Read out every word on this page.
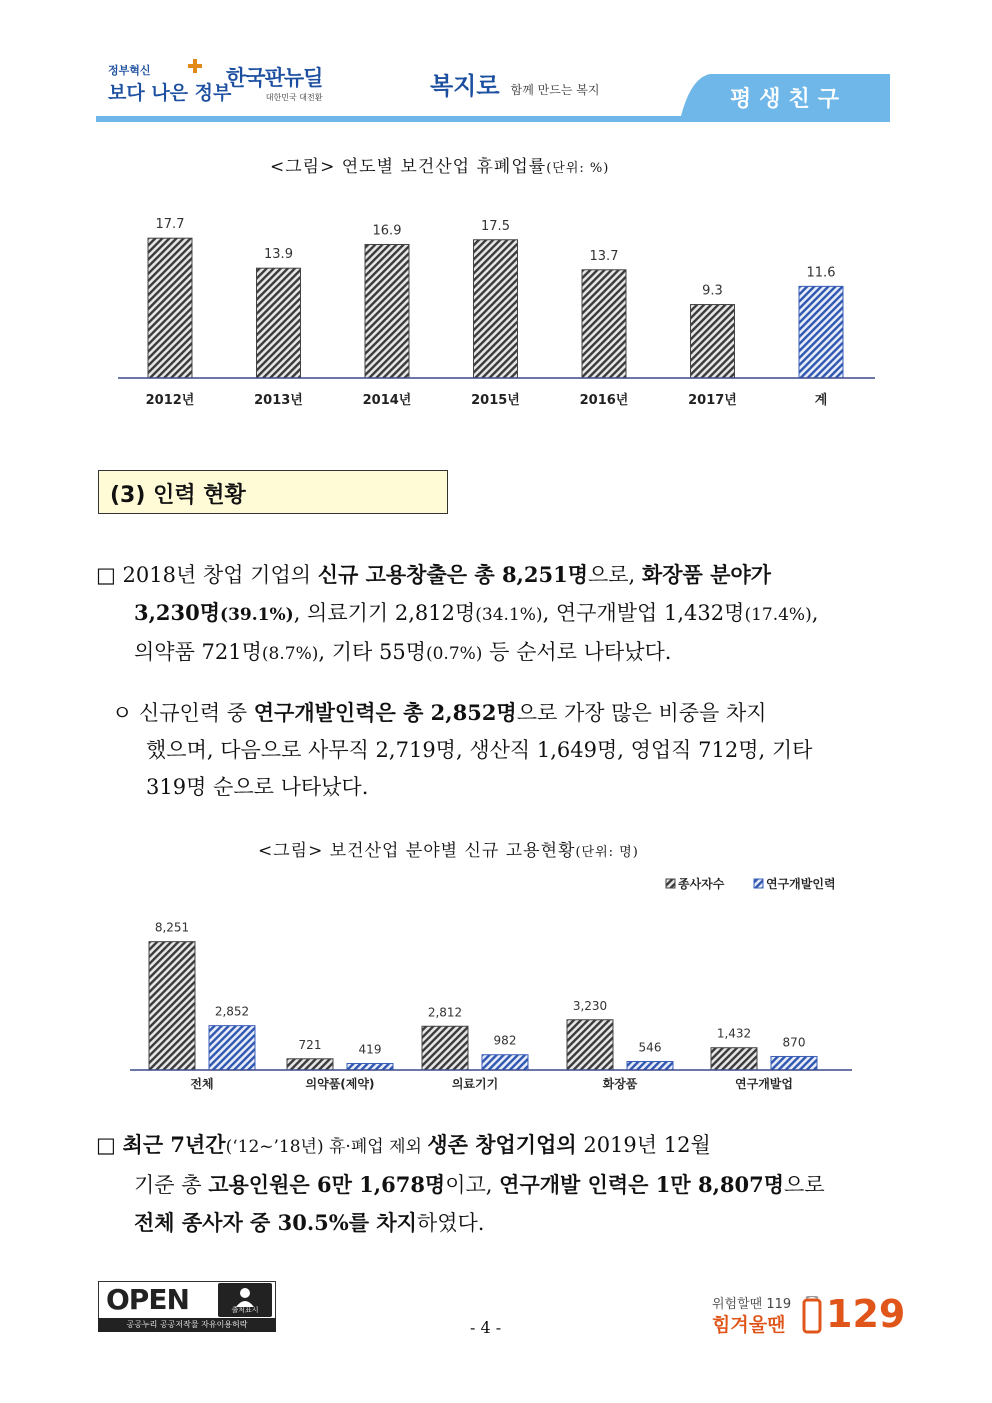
정부혁신
보다 나은 정부
한국판뉴딜
대한민국 대전환	복지로 함께 만드는 복지	평생친구
<그림> 연도별 보건산업 휴폐업률(단위: %)
17.7
2012년
13.9
2013년
16.9
2014년
17.5
2015년
13.7
2016년
9.3
2017년
11.6
계
(3) 인력 현황
□ 2018년 창업 기업의 신규 고용창출은 총 8,251명으로, 화장품 분야가
3,230명(39.1%), 의료기기 2,812명(34.1%), 연구개발업 1,432명(17.4%),
의약품 721명(8.7%), 기타 55명(0.7%) 등 순서로 나타났다.
ㅇ 신규인력 중 연구개발인력은 총 2,852명으로 가장 많은 비중을 차지
했으며, 다음으로 사무직 2,719명, 생산직 1,649명, 영업직 712명, 기타
319명 순으로 나타났다.
<그림> 보건산업 분야별 신규 고용현황(단위: 명)
종사자수	연구개발인력
8,251
2,852
전체
721	419
의약품(제약)
2,812
982
의료기기
3,230
546
화장품
1,432
870
연구개발업
□ 최근 7년간(‘12~’18년) 휴·폐업 제외 생존 창업기업의 2019년 12월
기준 총 고용인원은 6만 1,678명이고, 연구개발 인력은 1만 8,807명으로
전체 종사자 중 30.5%를 차지하였다.
OPEN	출처표시
공공누리 공공저작물 자유이용허락	- 4 -
위험할땐 119
힘겨울땐 129
